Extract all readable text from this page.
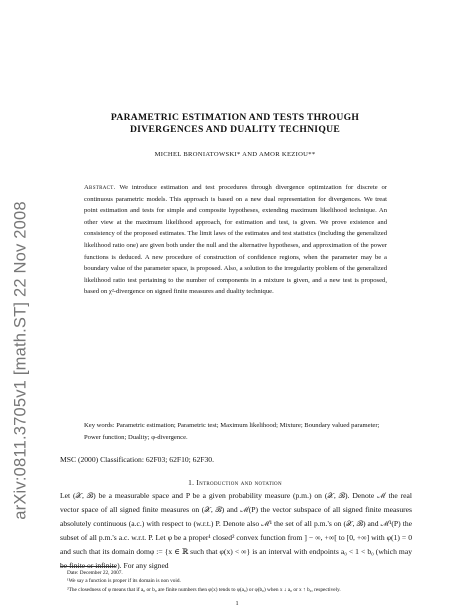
arXiv:0811.3705v1 [math.ST] 22 Nov 2008
PARAMETRIC ESTIMATION AND TESTS THROUGH
DIVERGENCES AND DUALITY TECHNIQUE
MICHEL BRONIATOWSKI* AND AMOR KEZIOU**
Abstract. We introduce estimation and test procedures through divergence optimization for discrete or continuous parametric models. This approach is based on a new dual representation for divergences. We treat point estimation and tests for simple and composite hypotheses, extending maximum likelihood technique. An other view at the maximum likelihood approach, for estimation and test, is given. We prove existence and consistency of the proposed estimates. The limit laws of the estimates and test statistics (including the generalized likelihood ratio one) are given both under the null and the alternative hypotheses, and approximation of the power functions is deduced. A new procedure of construction of confidence regions, when the parameter may be a boundary value of the parameter space, is proposed. Also, a solution to the irregularity problem of the generalized likelihood ratio test pertaining to the number of components in a mixture is given, and a new test is proposed, based on χ²-divergence on signed finite measures and duality technique.
Key words: Parametric estimation; Parametric test; Maximum likelihood; Mixture; Boundary valued parameter; Power function; Duality; φ-divergence.
MSC (2000) Classification: 62F03; 62F10; 62F30.
1. Introduction and notation
Let (𝒳, ℬ) be a measurable space and P be a given probability measure (p.m.) on (𝒳, ℬ). Denote ℳ the real vector space of all signed finite measures on (𝒳, ℬ) and ℳ(P) the vector subspace of all signed finite measures absolutely continuous (a.c.) with respect to (w.r.t.) P. Denote also ℳ¹ the set of all p.m.'s on (𝒳, ℬ) and ℳ¹(P) the subset of all p.m.'s a.c. w.r.t. P. Let φ be a proper¹ closed² convex function from ] − ∞, +∞[ to [0, +∞] with φ(1) = 0 and such that its domain domφ := {x ∈ ℝ such that φ(x) < ∞} is an interval with endpoints a₀ < 1 < b₀ (which may be finite or infinite). For any signed

Date: December 22, 2007.

¹We say a function is proper if its domain is non void.

²The closedness of φ means that if a₀ or b₀ are finite numbers then φ(x) tends to φ(a₀) or φ(b₀) when x ↓ a₀ or x ↑ b₀, respectively.

1
